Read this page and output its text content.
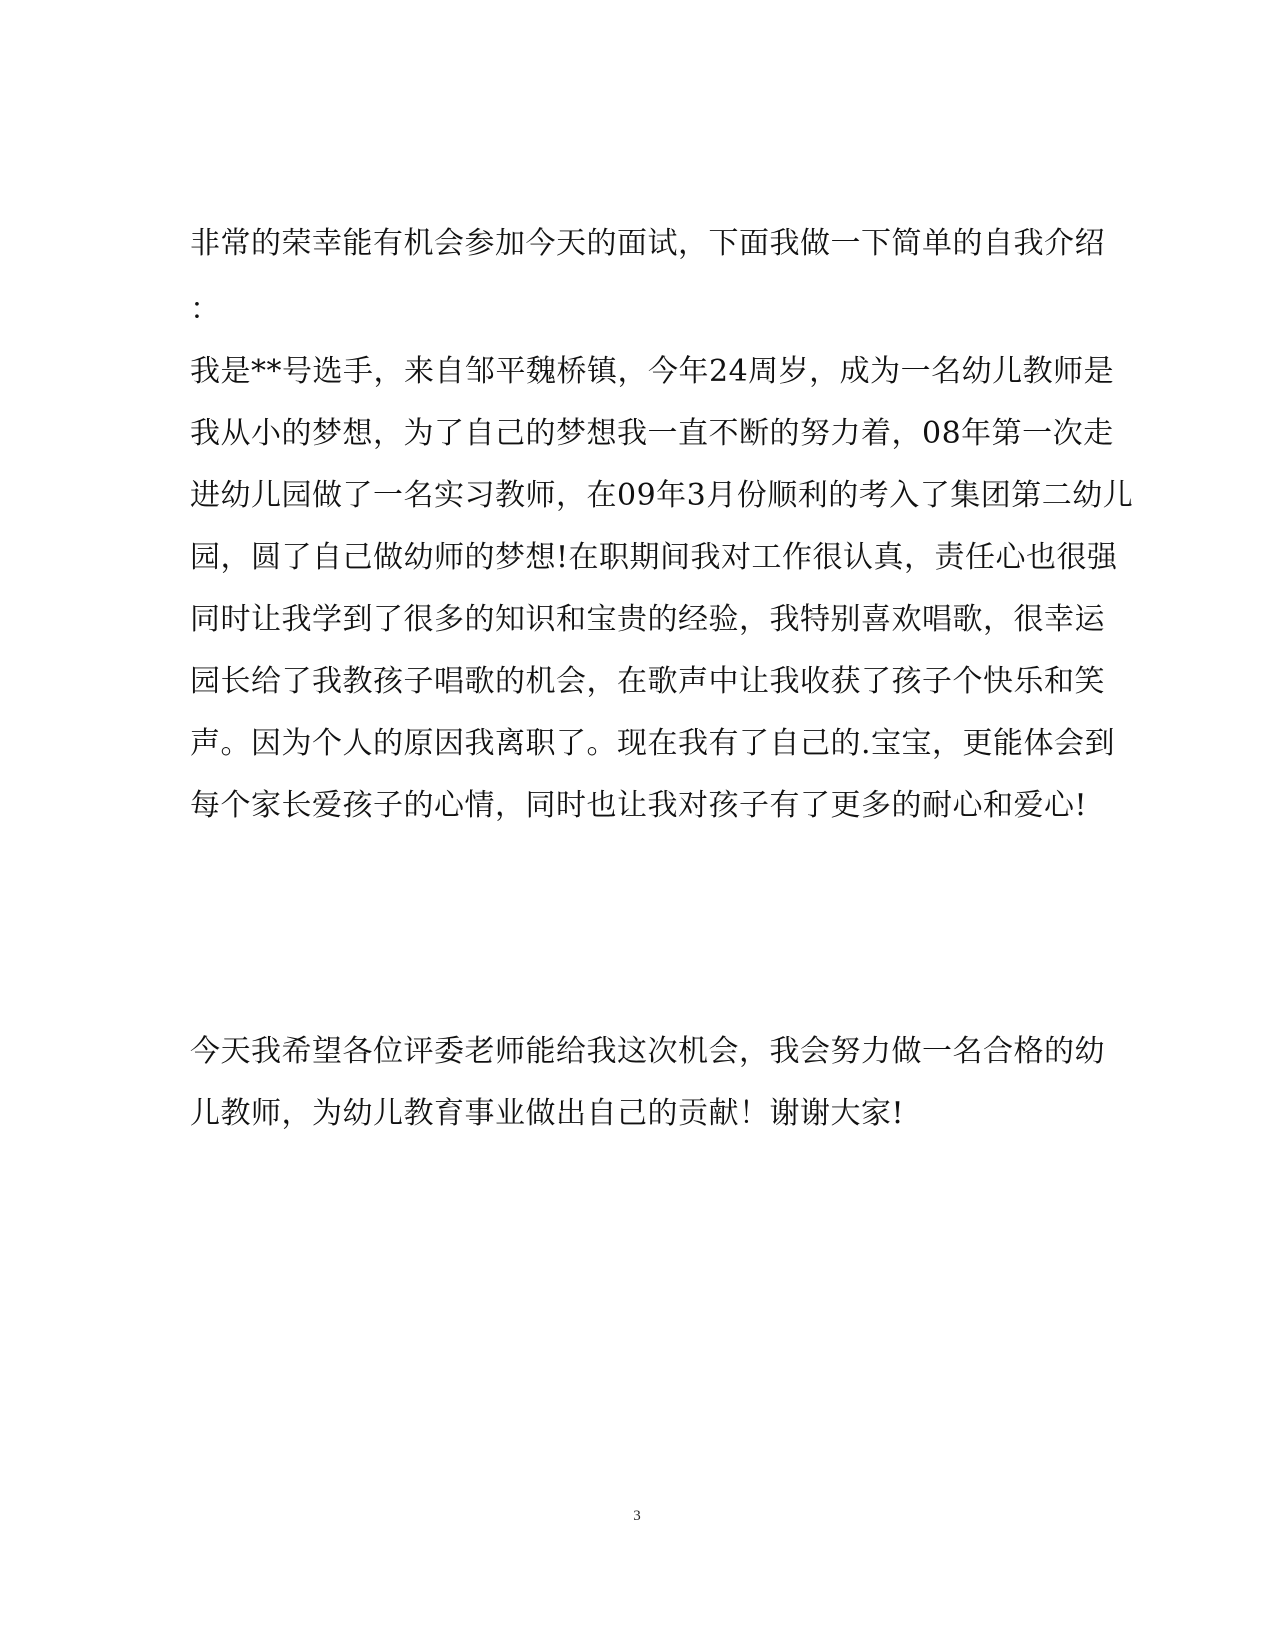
非常的荣幸能有机会参加今天的面试，下面我做一下简单的自我介绍
：
我是**号选手，来自邹平魏桥镇，今年24周岁，成为一名幼儿教师是
我从小的梦想，为了自己的梦想我一直不断的努力着，08年第一次走
进幼儿园做了一名实习教师，在09年3月份顺利的考入了集团第二幼儿
园，圆了自己做幼师的梦想!在职期间我对工作很认真，责任心也很强
同时让我学到了很多的知识和宝贵的经验，我特别喜欢唱歌，很幸运
园长给了我教孩子唱歌的机会，在歌声中让我收获了孩子个快乐和笑
声。因为个人的原因我离职了。现在我有了自己的.宝宝，更能体会到
每个家长爱孩子的心情，同时也让我对孩子有了更多的耐心和爱心!
今天我希望各位评委老师能给我这次机会，我会努力做一名合格的幼
儿教师，为幼儿教育事业做出自己的贡献！谢谢大家!
3
